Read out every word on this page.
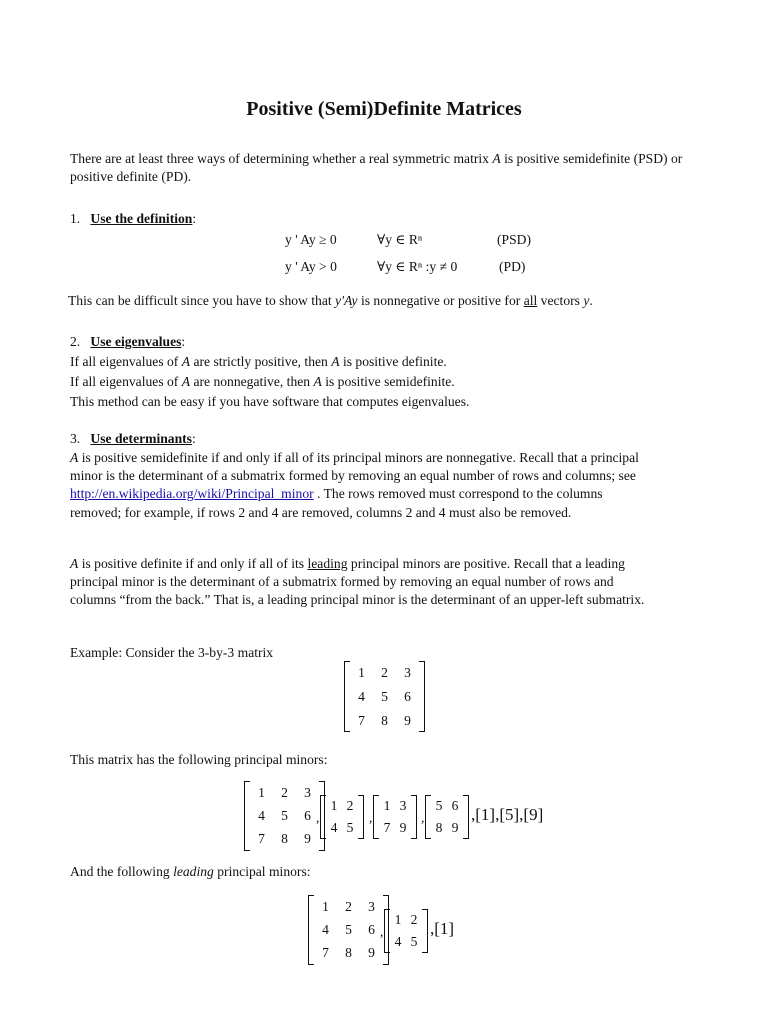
Positive (Semi)Definite Matrices
There are at least three ways of determining whether a real symmetric matrix A is positive semidefinite (PSD) or positive definite (PD).
1. Use the definition:
y ' Ay ≥ 0	∀y ∈ Rⁿ	(PSD)
y ' Ay > 0	∀y ∈ Rⁿ :y ≠ 0	(PD)
This can be difficult since you have to show that y'Ay is nonnegative or positive for all vectors y.
2. Use eigenvalues:
If all eigenvalues of A are strictly positive, then A is positive definite.
If all eigenvalues of A are nonnegative, then A is positive semidefinite.
This method can be easy if you have software that computes eigenvalues.
3. Use determinants:
A is positive semidefinite if and only if all of its principal minors are nonnegative. Recall that a principal minor is the determinant of a submatrix formed by removing an equal number of rows and columns; see http://en.wikipedia.org/wiki/Principal_minor . The rows removed must correspond to the columns removed; for example, if rows 2 and 4 are removed, columns 2 and 4 must also be removed.
A is positive definite if and only if all of its leading principal minors are positive. Recall that a leading principal minor is the determinant of a submatrix formed by removing an equal number of rows and columns “from the back.” That is, a leading principal minor is the determinant of an upper-left submatrix.
Example: Consider the 3-by-3 matrix
1	2	3
4	5	6
7	8	9
This matrix has the following principal minors:
1	2	3
4	5	6
7	8	9
,
1	2
4	5
,
1	3
7	9
,
5	6
8	9
,[1],[5],[9]
And the following leading principal minors:
1	2	3
4	5	6
7	8	9
,
1	2
4	5
,[1]
